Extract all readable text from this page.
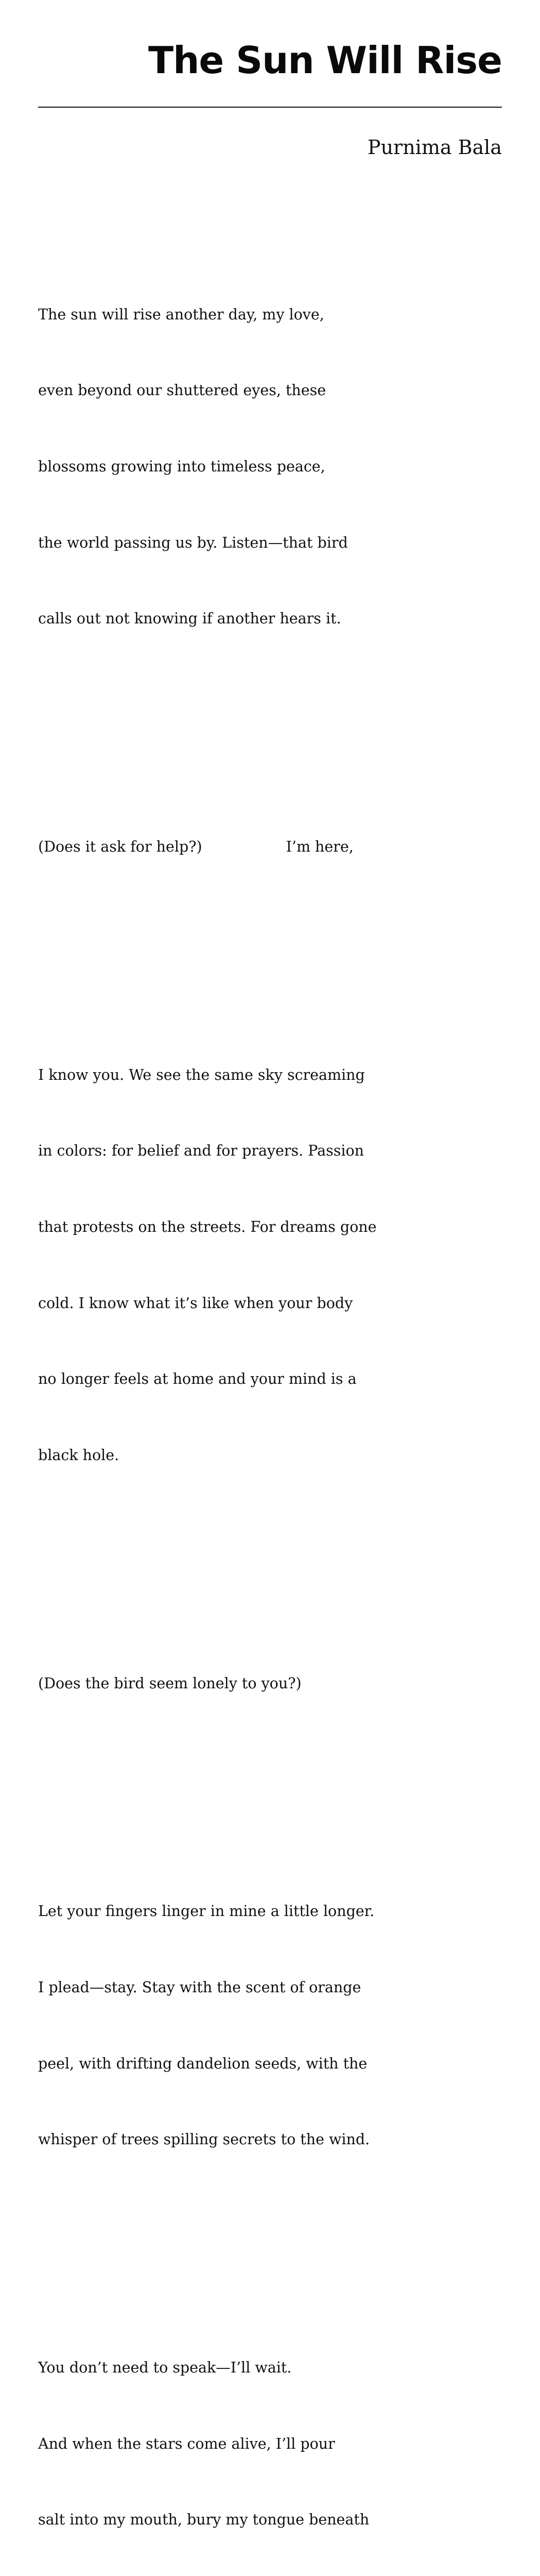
The Sun Will Rise
Purnima Bala

The sun will rise another day, my love,

even beyond our shuttered eyes, these

blossoms growing into timeless peace,

the world passing us by. Listen—that bird

calls out not knowing if another hears it.

(Does it ask for help?)	I’m here,

I know you. We see the same sky screaming

in colors: for belief and for prayers. Passion

that protests on the streets. For dreams gone

cold. I know what it’s like when your body

no longer feels at home and your mind is a

black hole.

(Does the bird seem lonely to you?)

Let your fingers linger in mine a little longer.

I plead—stay. Stay with the scent of orange

peel, with drifting dandelion seeds, with the

whisper of trees spilling secrets to the wind.

You don’t need to speak—I’ll wait.

And when the stars come alive, I’ll pour

salt into my mouth, bury my tongue beneath
